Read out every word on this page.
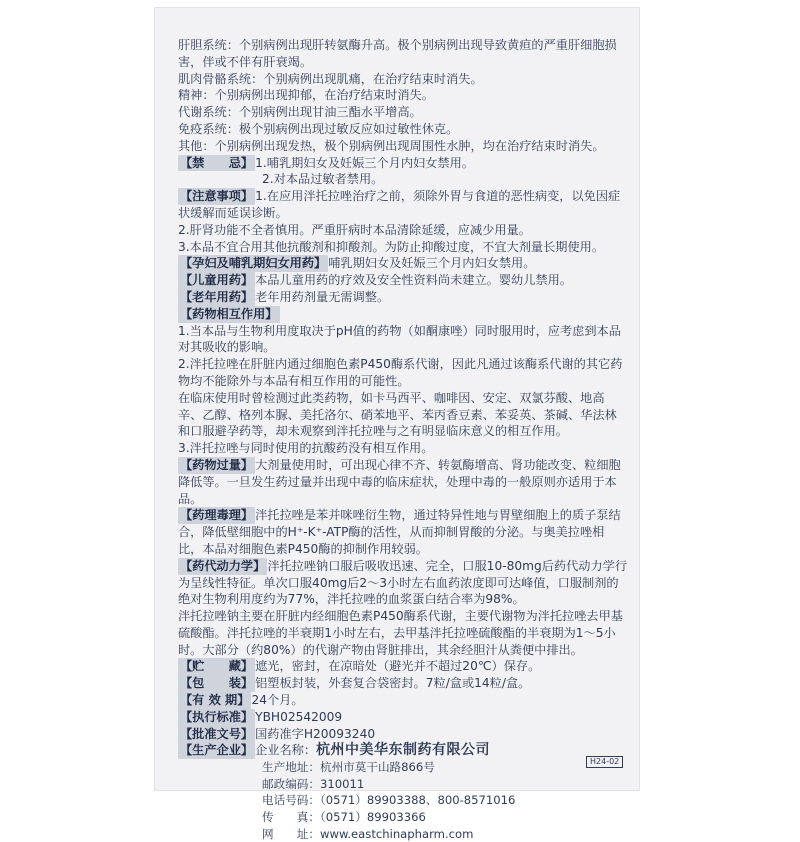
肝胆系统：个别病例出现肝转氨酶升高。极个别病例出现导致黄疸的严重肝细胞损害，伴或不伴有肝衰竭。

肌肉骨骼系统：个别病例出现肌痛，在治疗结束时消失。

精神：个别病例出现抑郁，在治疗结束时消失。

代谢系统：个别病例出现甘油三酯水平增高。

免疫系统：极个别病例出现过敏反应如过敏性休克。

其他：个别病例出现发热，极个别病例出现周围性水肿，均在治疗结束时消失。

【禁　　忌】 1.哺乳期妇女及妊娠三个月内妇女禁用。

2.对本品过敏者禁用。

【注意事项】 1.在应用泮托拉唑治疗之前，须除外胃与食道的恶性病变，以免因症状缓解而延误诊断。

2.肝肾功能不全者慎用。严重肝病时本品清除延缓，应减少用量。

3.本品不宜合用其他抗酸剂和抑酸剂。为防止抑酸过度，不宜大剂量长期使用。

【孕妇及哺乳期妇女用药】 哺乳期妇女及妊娠三个月内妇女禁用。

【儿童用药】 本品儿童用药的疗效及安全性资料尚未建立。婴幼儿禁用。

【老年用药】 老年用药剂量无需调整。

【药物相互作用】

1.当本品与生物利用度取决于pH值的药物（如酮康唑）同时服用时，应考虑到本品对其吸收的影响。

2.泮托拉唑在肝脏内通过细胞色素P450酶系代谢，因此凡通过该酶系代谢的其它药物均不能除外与本品有相互作用的可能性。

在临床使用时曾检测过此类药物，如卡马西平、咖啡因、安定、双氯芬酸、地高辛、乙醇、格列本脲、美托洛尔、硝苯地平、苯丙香豆素、苯妥英、茶碱、华法林和口服避孕药等，却未观察到泮托拉唑与之有明显临床意义的相互作用。

3.泮托拉唑与同时使用的抗酸药没有相互作用。

【药物过量】 大剂量使用时，可出现心律不齐、转氨酶增高、肾功能改变、粒细胞降低等。一旦发生药过量并出现中毒的临床症状，处理中毒的一般原则亦适用于本品。

【药理毒理】 泮托拉唑是苯并咪唑衍生物，通过特异性地与胃壁细胞上的质子泵结合，降低壁细胞中的H⁺-K⁺-ATP酶的活性，从而抑制胃酸的分泌。与奥美拉唑相比，本品对细胞色素P450酶的抑制作用较弱。

【药代动力学】 泮托拉唑钠口服后吸收迅速、完全，口服10-80mg后药代动力学行为呈线性特征。单次口服40mg后2～3小时左右血药浓度即可达峰值，口服制剂的绝对生物利用度约为77%，泮托拉唑的血浆蛋白结合率为98%。

泮托拉唑钠主要在肝脏内经细胞色素P450酶系代谢，主要代谢物为泮托拉唑去甲基硫酸酯。泮托拉唑的半衰期1小时左右，去甲基泮托拉唑硫酸酯的半衰期为1～5小时。大部分（约80%）的代谢产物由肾脏排出，其余经胆汁从粪便中排出。

【贮　　藏】 遮光，密封，在凉暗处（避光并不超过20℃）保存。

【包　　装】 铝塑板封装，外套复合袋密封。7粒/盒或14粒/盒。

【有 效 期】 24个月。

【执行标准】 YBH02542009

【批准文号】 国药准字H20093240

【生产企业】 企业名称：杭州中美华东制药有限公司

生产地址：杭州市莫干山路866号

邮政编码：310011

电话号码：（0571）89903388、800-8571016

传　　真：（0571）89903366

网　　址：www.eastchinapharm.com

H24-02
